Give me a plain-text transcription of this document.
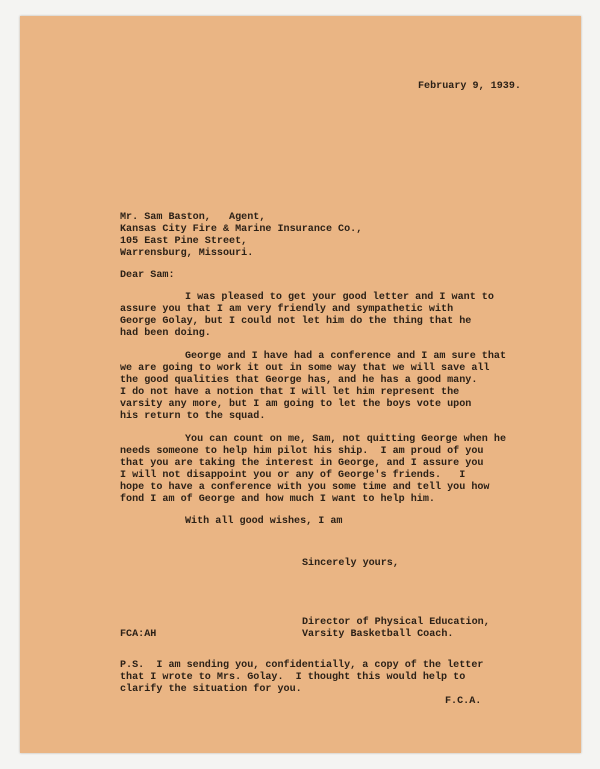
February 9, 1939.
Mr. Sam Baston,   Agent,
Kansas City Fire & Marine Insurance Co.,
105 East Pine Street,
Warrensburg, Missouri.
Dear Sam:
I was pleased to get your good letter and I want to
assure you that I am very friendly and sympathetic with
George Golay, but I could not let him do the thing that he
had been doing.
George and I have had a conference and I am sure that
we are going to work it out in some way that we will save all
the good qualities that George has, and he has a good many.
I do not have a notion that I will let him represent the
varsity any more, but I am going to let the boys vote upon
his return to the squad.
You can count on me, Sam, not quitting George when he
needs someone to help him pilot his ship.  I am proud of you
that you are taking the interest in George, and I assure you
I will not disappoint you or any of George's friends.   I
hope to have a conference with you some time and tell you how
fond I am of George and how much I want to help him.
With all good wishes, I am
Sincerely yours,
Director of Physical Education,
FCA:AH	Varsity Basketball Coach.
P.S.  I am sending you, confidentially, a copy of the letter
that I wrote to Mrs. Golay.  I thought this would help to
clarify the situation for you.
F.C.A.
